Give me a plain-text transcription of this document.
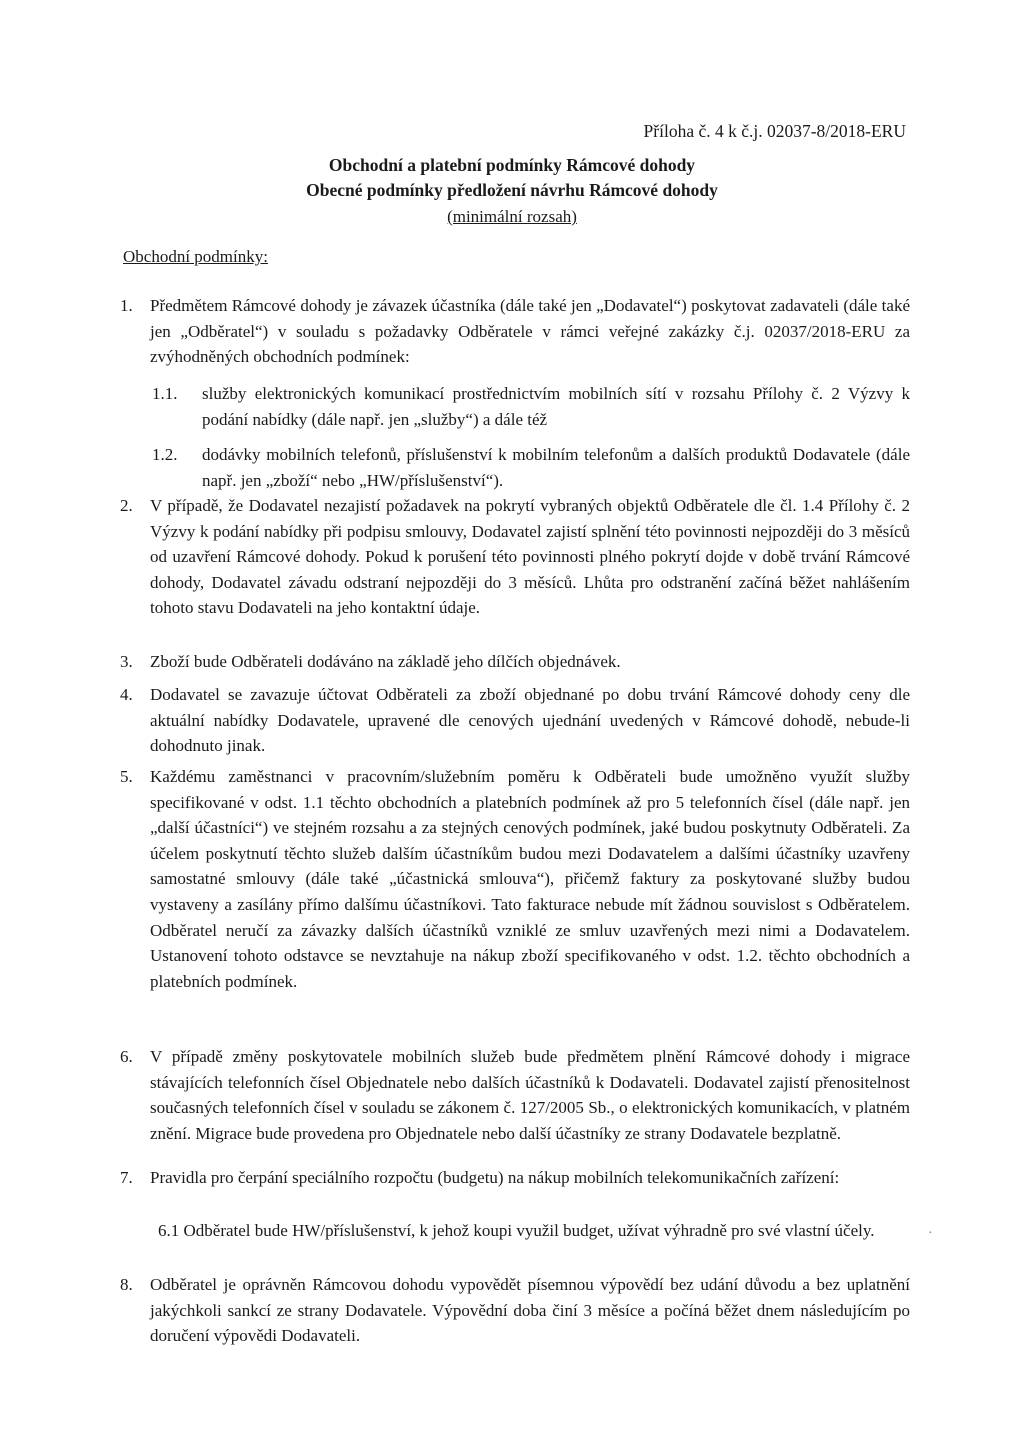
Příloha č. 4 k č.j. 02037-8/2018-ERU
Obchodní a platební podmínky Rámcové dohody
Obecné podmínky předložení návrhu Rámcové dohody
(minimální rozsah)
Obchodní podmínky:
1. Předmětem Rámcové dohody je závazek účastníka (dále také jen „Dodavatel“) poskytovat zadavateli (dále také jen „Odběratel“) v souladu s požadavky Odběratele v rámci veřejné zakázky č.j. 02037/2018-ERU za zvýhodněných obchodních podmínek:
1.1. služby elektronických komunikací prostřednictvím mobilních sítí v rozsahu Přílohy č. 2 Výzvy k podání nabídky (dále např. jen „služby“) a dále též
1.2. dodávky mobilních telefonů, příslušenství k mobilním telefonům a dalších produktů Dodavatele (dále např. jen „zboží“ nebo „HW/příslušenství“).
2. V případě, že Dodavatel nezajistí požadavek na pokrytí vybraných objektů Odběratele dle čl. 1.4 Přílohy č. 2 Výzvy k podání nabídky při podpisu smlouvy, Dodavatel zajistí splnění této povinnosti nejpozději do 3 měsíců od uzavření Rámcové dohody. Pokud k porušení této povinnosti plného pokrytí dojde v době trvání Rámcové dohody, Dodavatel závadu odstraní nejpozději do 3 měsíců. Lhůta pro odstranění začíná běžet nahlášením tohoto stavu Dodavateli na jeho kontaktní údaje.
3. Zboží bude Odběrateli dodáváno na základě jeho dílčích objednávek.
4. Dodavatel se zavazuje účtovat Odběrateli za zboží objednané po dobu trvání Rámcové dohody ceny dle aktuální nabídky Dodavatele, upravené dle cenových ujednání uvedených v Rámcové dohodě, nebude-li dohodnuto jinak.
5. Každému zaměstnanci v pracovním/služebním poměru k Odběrateli bude umožněno využít služby specifikované v odst. 1.1 těchto obchodních a platebních podmínek až pro 5 telefonních čísel (dále např. jen „další účastníci“) ve stejném rozsahu a za stejných cenových podmínek, jaké budou poskytnuty Odběrateli. Za účelem poskytnutí těchto služeb dalším účastníkům budou mezi Dodavatelem a dalšími účastníky uzavřeny samostatné smlouvy (dále také „účastnická smlouva“), přičemž faktury za poskytované služby budou vystaveny a zasílány přímo dalšímu účastníkovi. Tato fakturace nebude mít žádnou souvislost s Odběratelem. Odběratel neručí za závazky dalších účastníků vzniklé ze smluv uzavřených mezi nimi a Dodavatelem. Ustanovení tohoto odstavce se nevztahuje na nákup zboží specifikovaného v odst. 1.2. těchto obchodních a platebních podmínek.
6. V případě změny poskytovatele mobilních služeb bude předmětem plnění Rámcové dohody i migrace stávajících telefonních čísel Objednatele nebo dalších účastníků k Dodavateli. Dodavatel zajistí přenositelnost současných telefonních čísel v souladu se zákonem č. 127/2005 Sb., o elektronických komunikacích, v platném znění. Migrace bude provedena pro Objednatele nebo další účastníky ze strany Dodavatele bezplatně.
7. Pravidla pro čerpání speciálního rozpočtu (budgetu) na nákup mobilních telekomunikačních zařízení:
6.1 Odběratel bude HW/příslušenství, k jehož koupi využil budget, užívat výhradně pro své vlastní účely.
8. Odběratel je oprávněn Rámcovou dohodu vypovědět písemnou výpovědí bez udání důvodu a bez uplatnění jakýchkoli sankcí ze strany Dodavatele. Výpovědní doba činí 3 měsíce a počíná běžet dnem následujícím po doručení výpovědi Dodavateli.
·
